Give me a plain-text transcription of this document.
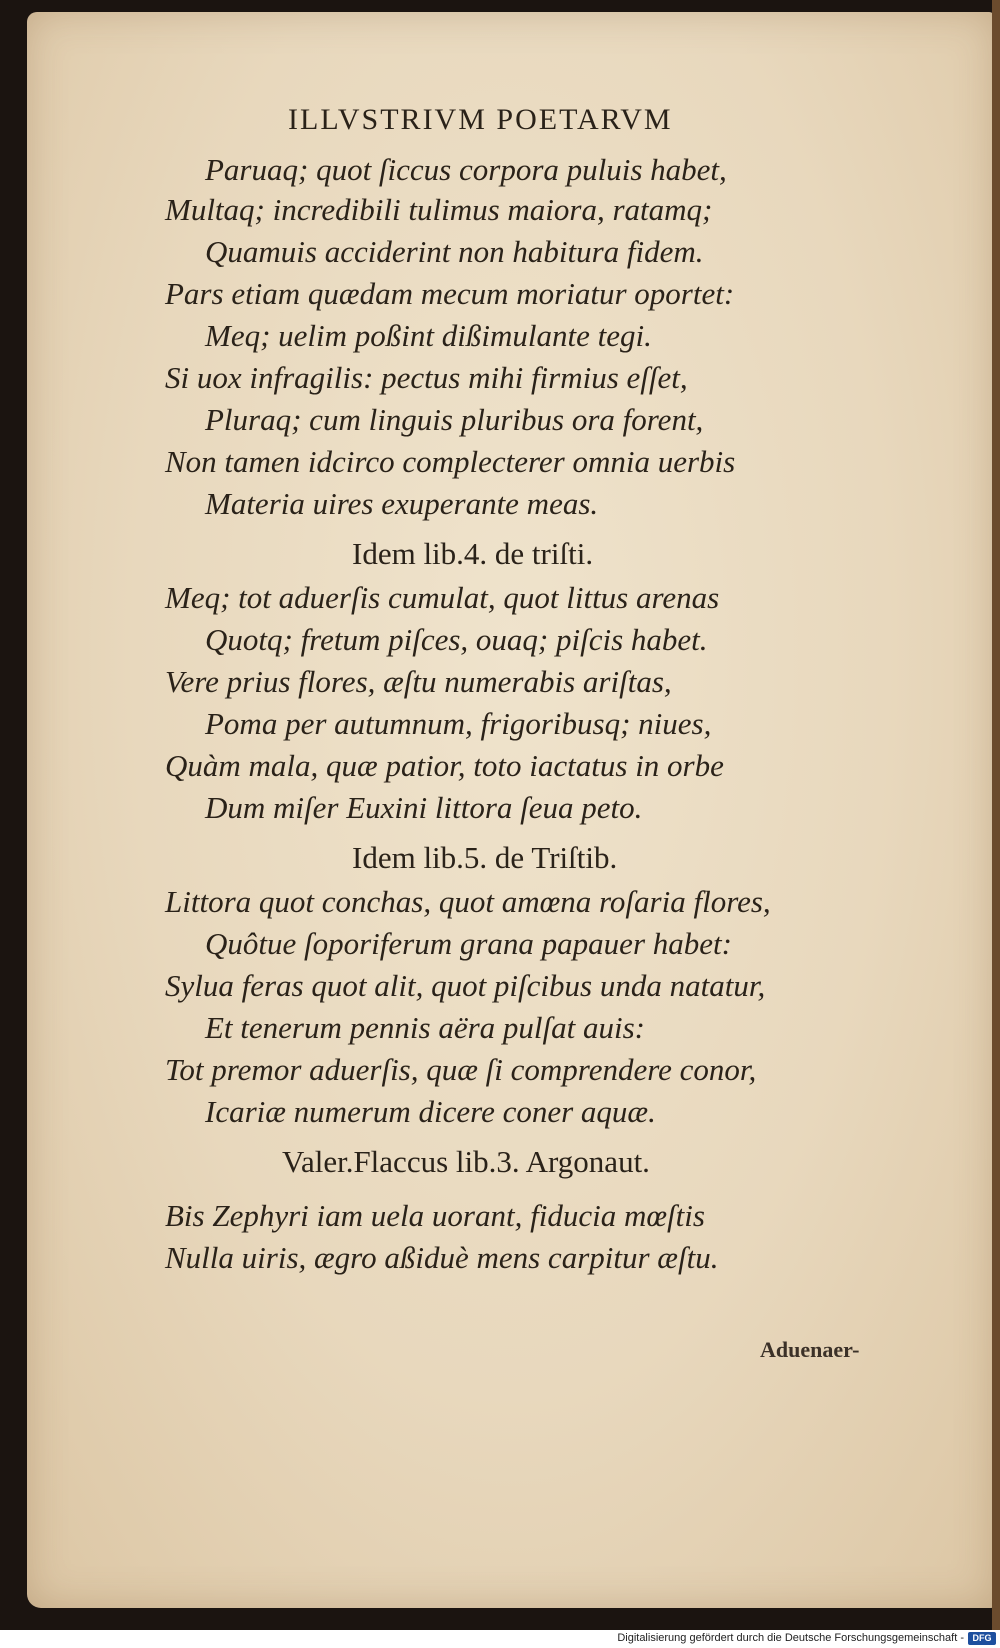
ILLVSTRIVM POETARVM
Paruaq; quot ſiccus corpora puluis habet,
Multaq; incredibili tulimus maiora, ratamq;
Quamuis acciderint non habitura fidem.
Pars etiam quædam mecum moriatur oportet:
Meq; uelim poßint dißimulante tegi.
Si uox infragilis: pectus mihi firmius eſſet,
Pluraq; cum linguis pluribus ora forent,
Non tamen idcirco complecterer omnia uerbis
Materia uires exuperante meas.
Idem lib.4. de triſti.
Meq; tot aduerſis cumulat, quot littus arenas
Quotq; fretum piſces, ouaq; piſcis habet.
Vere prius flores, æſtu numerabis ariſtas,
Poma per autumnum, frigoribusq; niues,
Quàm mala, quæ patior, toto iactatus in orbe
Dum miſer Euxini littora ſeua peto.
Idem lib.5. de Triſtib.
Littora quot conchas, quot amœna roſaria flores,
Quôtue ſoporiferum grana papauer habet:
Sylua feras quot alit, quot piſcibus unda natatur,
Et tenerum pennis aëra pulſat auis:
Tot premor aduerſis, quæ ſi comprendere conor,
Icariæ numerum dicere coner aquæ.
Valer.Flaccus lib.3. Argonaut.
Bis Zephyri iam uela uorant, fiducia mœſtis
Nulla uiris, ægro aßiduè mens carpitur æſtu.
Aduenaer-
Digitalisierung gefördert durch die Deutsche Forschungsgemeinschaft - DFG
